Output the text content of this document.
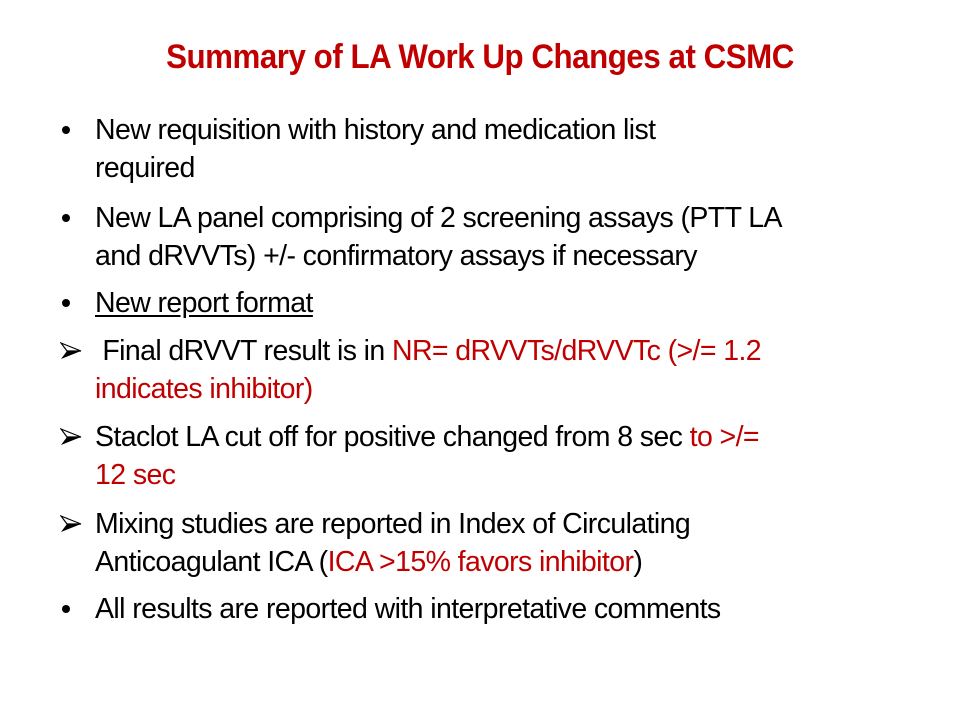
Summary of LA Work Up Changes at CSMC
New requisition with history and medication list
required
New LA panel comprising of 2 screening assays (PTT LA
and dRVVTs) +/- confirmatory assays if necessary
New report format
Final dRVVT result is in NR= dRVVTs/dRVVTc (>/= 1.2
indicates inhibitor)
Staclot LA cut off for positive changed from 8 sec to >/=
12 sec
Mixing studies are reported in Index of Circulating
Anticoagulant ICA (ICA >15% favors inhibitor)
All results are reported with interpretative comments
